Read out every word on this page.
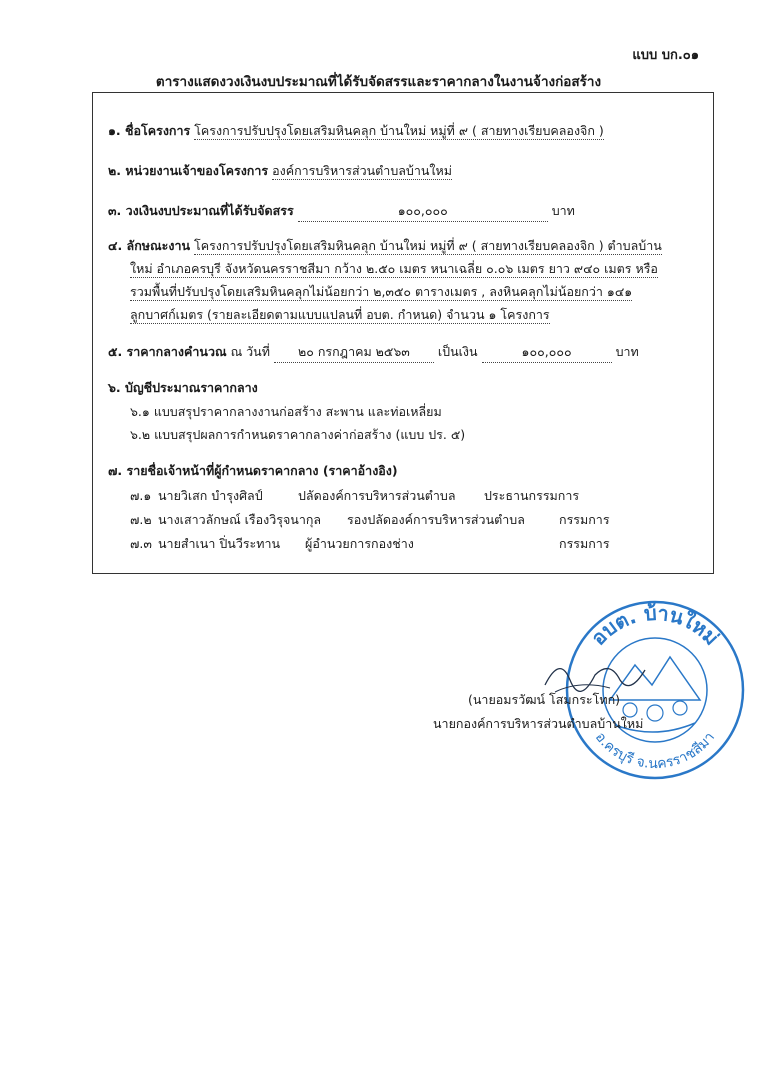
แบบ บก.๐๑
ตารางแสดงวงเงินงบประมาณที่ได้รับจัดสรรและราคากลางในงานจ้างก่อสร้าง
๑. ชื่อโครงการ โครงการปรับปรุงโดยเสริมหินคลุก บ้านใหม่ หมู่ที่ ๙ ( สายทางเรียบคลองจิก )
๒. หน่วยงานเจ้าของโครงการ องค์การบริหารส่วนตำบลบ้านใหม่
๓. วงเงินงบประมาณที่ได้รับจัดสรร	๑๐๐,๐๐๐	บาท
๔. ลักษณะงาน โครงการปรับปรุงโดยเสริมหินคลุก บ้านใหม่ หมู่ที่ ๙ ( สายทางเรียบคลองจิก ) ตำบลบ้าน
ใหม่ อำเภอครบุรี จังหวัดนครราชสีมา กว้าง ๒.๕๐ เมตร หนาเฉลี่ย ๐.๐๖ เมตร ยาว ๙๔๐ เมตร หรือ
รวมพื้นที่ปรับปรุงโดยเสริมหินคลุกไม่น้อยกว่า ๒,๓๕๐ ตารางเมตร , ลงหินคลุกไม่น้อยกว่า ๑๔๑
ลูกบาศก์เมตร (รายละเอียดตามแบบแปลนที่ อบต. กำหนด) จำนวน ๑ โครงการ
๕. ราคากลางคำนวณ ณ วันที่ ๒๐ กรกฎาคม ๒๕๖๓ เป็นเงิน	๑๐๐,๐๐๐	บาท
๖. บัญชีประมาณราคากลาง
๖.๑ แบบสรุปราคากลางงานก่อสร้าง สะพาน และท่อเหลี่ยม
๖.๒ แบบสรุปผลการกำหนดราคากลางค่าก่อสร้าง (แบบ ปร. ๕)
๗. รายชื่อเจ้าหน้าที่ผู้กำหนดราคากลาง (ราคาอ้างอิง)
๗.๑ นายวิเสก บำรุงศิลป์	ปลัดองค์การบริหารส่วนตำบล ประธานกรรมการ
๗.๒ นางเสาวลักษณ์ เรืองวิรุจนากุล รองปลัดองค์การบริหารส่วนตำบล	กรรมการ
๗.๓ นายสำเนา ปิ่นวีระทาน ผู้อำนวยการกองช่าง	กรรมการ
อบต. บ้านใหม่
อ.ครบุรี จ.นครราชสีมา
(นายอมรวัฒน์ โสมกระโทก)
นายกองค์การบริหารส่วนตำบลบ้านใหม่
